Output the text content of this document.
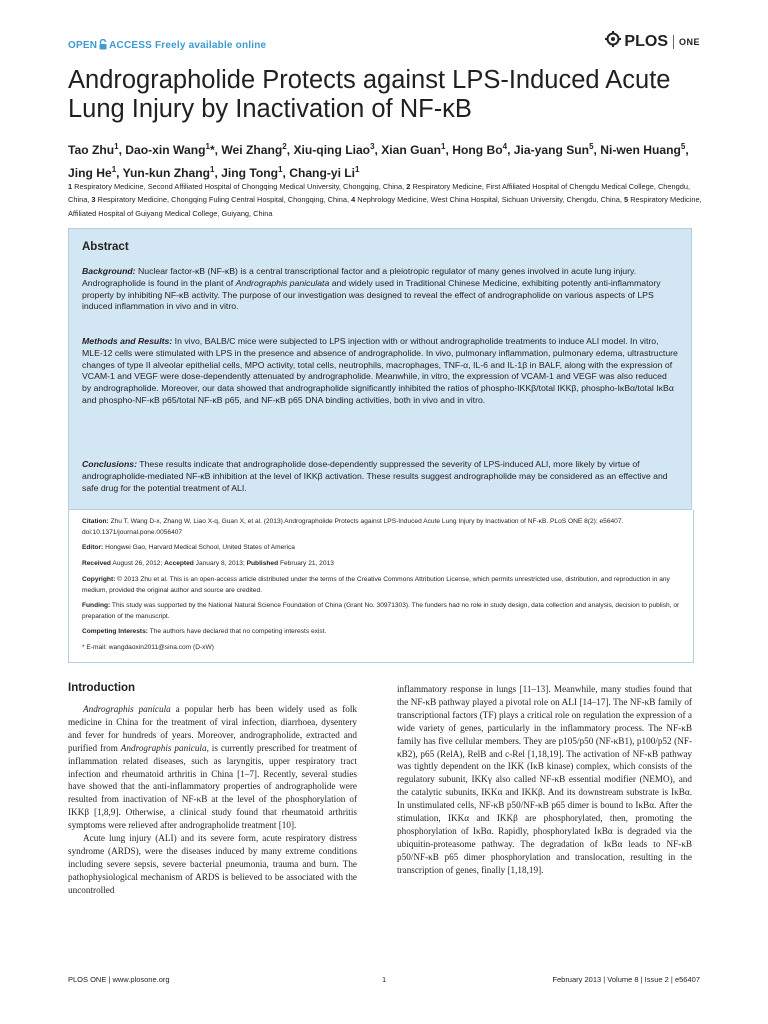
OPEN ACCESS Freely available online	PLOS ONE
Andrographolide Protects against LPS-Induced Acute
Lung Injury by Inactivation of NF-κB
Tao Zhu$^1$, Dao-xin Wang$^1$*, Wei Zhang$^2$, Xiu-qing Liao$^3$, Xian Guan$^1$, Hong Bo$^4$, Jia-yang Sun$^5$, Ni-wen Huang$^5$, Jing He$^1$, Yun-kun Zhang$^1$, Jing Tong$^1$, Chang-yi Li$^1$
1 Respiratory Medicine, Second Affiliated Hospital of Chongqing Medical University, Chongqing, China, 2 Respiratory Medicine, First Affiliated Hospital of Chengdu Medical College, Chengdu, China, 3 Respiratory Medicine, Chongqing Fuling Central Hospital, Chongqing, China, 4 Nephrology Medicine, West China Hospital, Sichuan University, Chengdu, China, 5 Respiratory Medicine, Affiliated Hospital of Guiyang Medical College, Guiyang, China
Abstract

Background: Nuclear factor-κB (NF-κB) is a central transcriptional factor and a pleiotropic regulator of many genes involved in acute lung injury. Andrographolide is found in the plant of Andrographis paniculata and widely used in Traditional Chinese Medicine, exhibiting potently anti-inflammatory property by inhibiting NF-κB activity. The purpose of our investigation was designed to reveal the effect of andrographolide on various aspects of LPS induced inflammation in vivo and in vitro.

Methods and Results: In vivo, BALB/C mice were subjected to LPS injection with or without andrographolide treatments to induce ALI model. In vitro, MLE-12 cells were stimulated with LPS in the presence and absence of andrographolide. In vivo, pulmonary inflammation, pulmonary edema, ultrastructure changes of type II alveolar epithelial cells, MPO activity, total cells, neutrophils, macrophages, TNF-α, IL-6 and IL-1β in BALF, along with the expression of VCAM-1 and VEGF were dose-dependently attenuated by andrographolide. Meanwhile, in vitro, the expression of VCAM-1 and VEGF was also reduced by andrographolide. Moreover, our data showed that andrographolide significantly inhibited the ratios of phospho-IKKβ/total IKKβ, phospho-IκBα/total IκBα and phospho-NF-κB p65/total NF-κB p65, and NF-κB p65 DNA binding activities, both in vivo and in vitro.

Conclusions: These results indicate that andrographolide dose-dependently suppressed the severity of LPS-induced ALI, more likely by virtue of andrographolide-mediated NF-κB inhibition at the level of IKKβ activation. These results suggest andrographolide may be considered as an effective and safe drug for the potential treatment of ALI.

Citation: Zhu T, Wang D-x, Zhang W, Liao X-q, Guan X, et al. (2013) Andrographolide Protects against LPS-Induced Acute Lung Injury by Inactivation of NF-κB. PLoS ONE 8(2): e56407. doi:10.1371/journal.pone.0056407

Editor: Hongwei Gao, Harvard Medical School, United States of America

Received August 26, 2012; Accepted January 8, 2013; Published February 21, 2013

Copyright: © 2013 Zhu et al. This is an open-access article distributed under the terms of the Creative Commons Attribution License, which permits unrestricted use, distribution, and reproduction in any medium, provided the original author and source are credited.

Funding: This study was supported by the National Natural Science Foundation of China (Grant No. 30971303). The funders had no role in study design, data collection and analysis, decision to publish, or preparation of the manuscript.

Competing Interests: The authors have declared that no competing interests exist.

* E-mail: wangdaoxin2011@sina.com (D-xW)

Introduction

Andrographis panicula a popular herb has been widely used as folk medicine in China for the treatment of viral infection, diarrhoea, dysentery and fever for hundreds of years. Moreover, andrographolide, extracted and purified from Andrographis panicula, is currently prescribed for treatment of inflammation related diseases, such as laryngitis, upper respiratory tract infection and rheumatoid arthritis in China [1–7]. Recently, several studies have showed that the anti-inflammatory properties of andrographolide were resulted from inactivation of NF-κB at the level of the phosphorylation of IKKβ [1,8,9]. Otherwise, a clinical study found that rheumatoid arthritis symptoms were relieved after andrographolide treatment [10].

Acute lung injury (ALI) and its severe form, acute respiratory distress syndrome (ARDS), were the diseases induced by many extreme conditions including severe sepsis, severe bacterial pneumonia, trauma and burn. The pathophysiological mechanism of ARDS is believed to be associated with the uncontrolled

inflammatory response in lungs [11–13]. Meanwhile, many studies found that the NF-κB pathway played a pivotal role on ALI [14–17]. The NF-κB family of transcriptional factors (TF) plays a critical role on regulation the expression of a wide variety of genes, particularly in the inflammatory process. The NF-κB family has five cellular members. They are p105/p50 (NF-κB1), p100/p52 (NF-κB2), p65 (RelA), RelB and c-Rel [1,18,19]. The activation of NF-κB pathway was tightly dependent on the IKK (IκB kinase) complex, which consists of the regulatory subunit, IKKγ also called NF-κB essential modifier (NEMO), and the catalytic subunits, IKKα and IKKβ. And its downstream substrate is IκBα. In unstimulated cells, NF-κB p50/NF-κB p65 dimer is bound to IκBα. After the stimulation, IKKα and IKKβ are phosphorylated, then, promoting the phosphorylation of IκBα. Rapidly, phosphorylated IκBα is degraded via the ubiquitin-proteasome pathway. The degradation of IκBα leads to NF-κB p50/NF-κB p65 dimer phosphorylation and translocation, resulting in the transcription of genes, finally [1,18,19].

PLOS ONE | www.plosone.org	1	February 2013 | Volume 8 | Issue 2 | e56407
